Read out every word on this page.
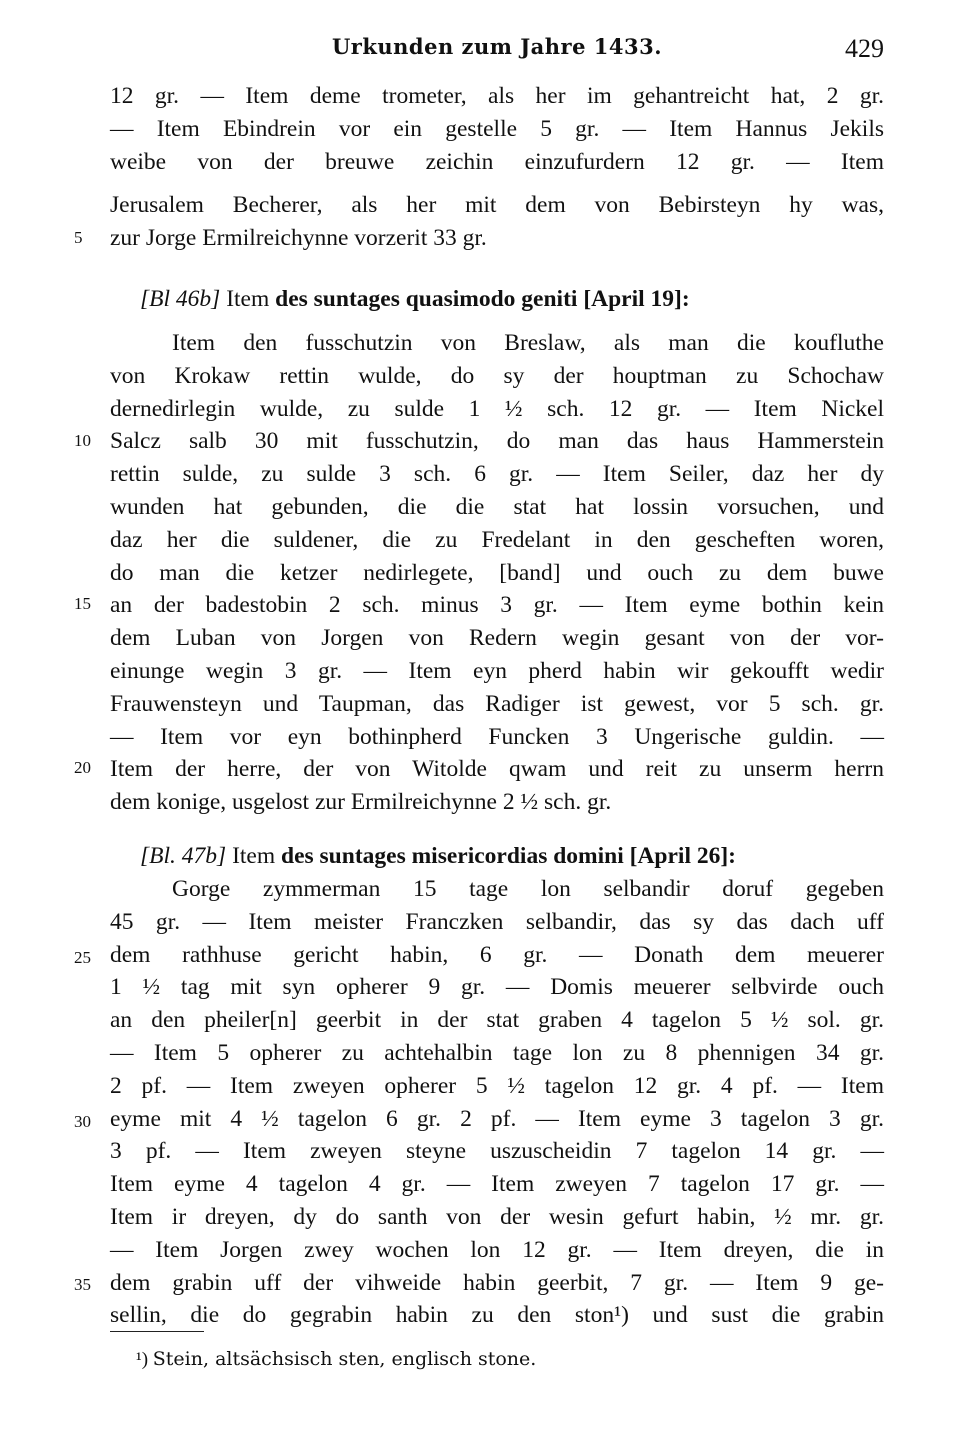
Urkunden zum Jahre 1433.	429
12 gr. — Item deme trometer, als her im gehantreicht hat, 2 gr.
— Item Ebindrein vor ein gestelle 5 gr. — Item Hannus Jekils
weibe von der breuwe zeichin einzufurdern 12 gr. — Item
Jerusalem Becherer, als her mit dem von Bebirsteyn hy was,
zur Jorge Ermilreichynne vorzerit 33 gr.
[Bl 46b] Item des suntages quasimodo geniti [April 19]:
Item den fusschutzin von Breslaw, als man die koufluthe
von Krokaw rettin wulde, do sy der houptman zu Schochaw
dernedirlegin wulde, zu sulde 1 ½ sch. 12 gr. — Item Nickel
Salcz salb 30 mit fusschutzin, do man das haus Hammerstein
rettin sulde, zu sulde 3 sch. 6 gr. — Item Seiler, daz her dy
wunden hat gebunden, die die stat hat lossin vorsuchen, und
daz her die suldener, die zu Fredelant in den gescheften woren,
do man die ketzer nedirlegete, [band] und ouch zu dem buwe
an der badestobin 2 sch. minus 3 gr. — Item eyme bothin kein
dem Luban von Jorgen von Redern wegin gesant von der vor-
einunge wegin 3 gr. — Item eyn pherd habin wir gekoufft wedir
Frauwensteyn und Taupman, das Radiger ist gewest, vor 5 sch. gr.
— Item vor eyn bothinpherd Funcken 3 Ungerische guldin. —
Item der herre, der von Witolde qwam und reit zu unserm herrn
dem konige, usgelost zur Ermilreichynne 2 ½ sch. gr.
[Bl. 47b] Item des suntages misericordias domini [April 26]:
Gorge zymmerman 15 tage lon selbandir doruf gegeben
45 gr. — Item meister Franczken selbandir, das sy das dach uff
dem rathhuse gericht habin, 6 gr. — Donath dem meuerer
1 ½ tag mit syn opherer 9 gr. — Domis meuerer selbvirde ouch
an den pheiler[n] geerbit in der stat graben 4 tagelon 5 ½ sol. gr.
— Item 5 opherer zu achtehalbin tage lon zu 8 phennigen 34 gr.
2 pf. — Item zweyen opherer 5 ½ tagelon 12 gr. 4 pf. — Item
eyme mit 4 ½ tagelon 6 gr. 2 pf. — Item eyme 3 tagelon 3 gr.
3 pf. — Item zweyen steyne uszuscheidin 7 tagelon 14 gr. —
Item eyme 4 tagelon 4 gr. — Item zweyen 7 tagelon 17 gr. —
Item ir dreyen, dy do santh von der wesin gefurt habin, ½ mr. gr.
— Item Jorgen zwey wochen lon 12 gr. — Item dreyen, die in
dem grabin uff der vihweide habin geerbit, 7 gr. — Item 9 ge-
sellin, die do gegrabin habin zu den ston¹) und sust die grabin
5
10
15
20
25
30
35
¹) Stein, altsächsisch sten, englisch stone.
